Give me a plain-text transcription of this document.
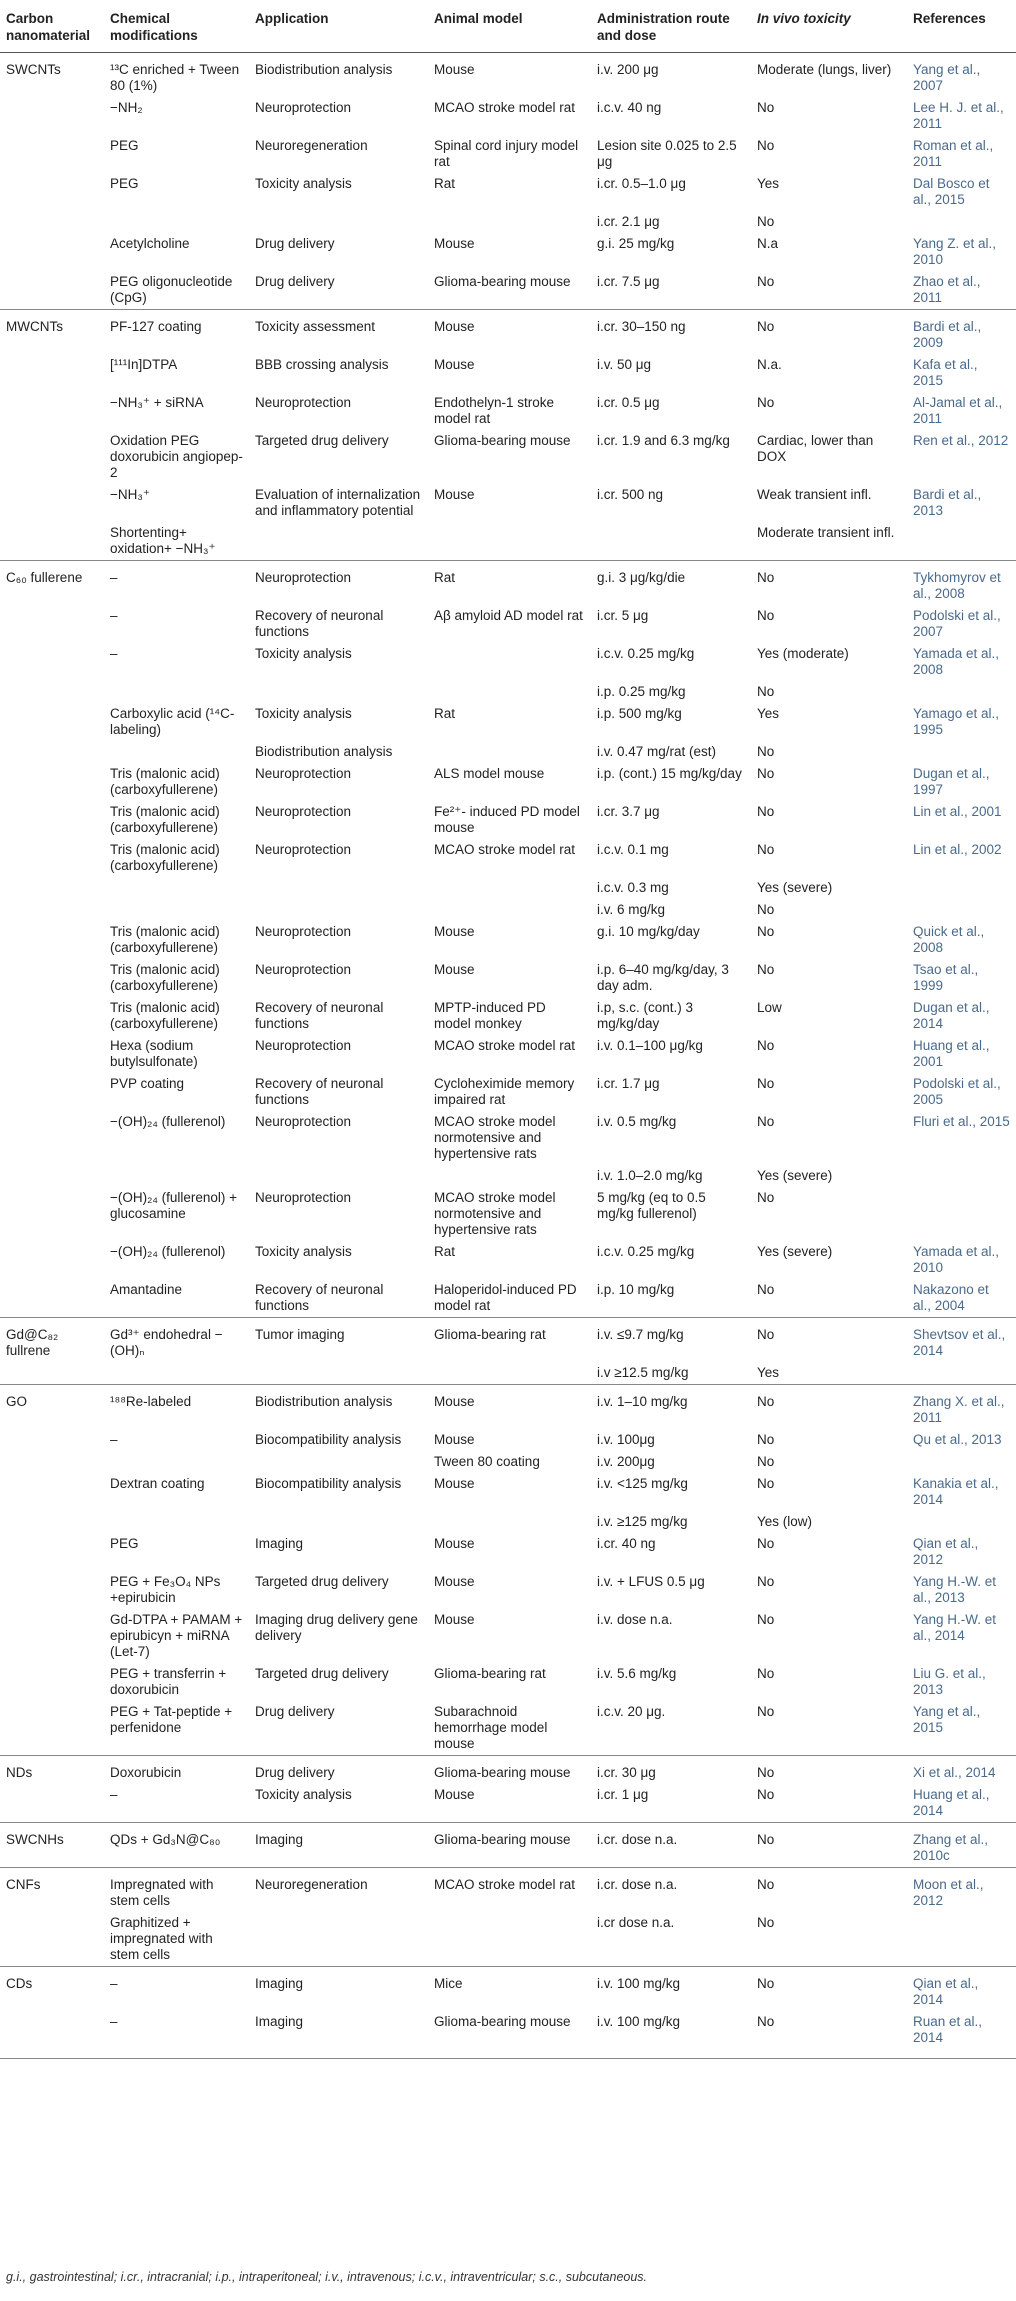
Carbon nanomaterial	Chemical modifications	Application	Animal model	Administration route and dose	In vivo toxicity	References
SWCNTs	¹³C enriched + Tween 80 (1%)	Biodistribution analysis	Mouse	i.v. 200 μg	Moderate (lungs, liver)	Yang et al., 2007
	−NH₂	Neuroprotection	MCAO stroke model rat	i.c.v. 40 ng	No	Lee H. J. et al., 2011
	PEG	Neuroregeneration	Spinal cord injury model rat	Lesion site 0.025 to 2.5 μg	No	Roman et al., 2011
	PEG	Toxicity analysis	Rat	i.cr. 0.5–1.0 μg	Yes	Dal Bosco et al., 2015
				i.cr. 2.1 μg	No	
	Acetylcholine	Drug delivery	Mouse	g.i. 25 mg/kg	N.a	Yang Z. et al., 2010
	PEG oligonucleotide (CpG)	Drug delivery	Glioma-bearing mouse	i.cr. 7.5 μg	No	Zhao et al., 2011
MWCNTs	PF-127 coating	Toxicity assessment	Mouse	i.cr. 30–150 ng	No	Bardi et al., 2009
	[¹¹¹In]DTPA	BBB crossing analysis	Mouse	i.v. 50 μg	N.a.	Kafa et al., 2015
	−NH₃⁺ + siRNA	Neuroprotection	Endothelyn-1 stroke model rat	i.cr. 0.5 μg	No	Al-Jamal et al., 2011
	Oxidation PEG doxorubicin angiopep-2	Targeted drug delivery	Glioma-bearing mouse	i.cr. 1.9 and 6.3 mg/kg	Cardiac, lower than DOX	Ren et al., 2012
	−NH₃⁺	Evaluation of internalization and inflammatory potential	Mouse	i.cr. 500 ng	Weak transient infl.	Bardi et al., 2013
	Shortenting+ oxidation+ −NH₃⁺				Moderate transient infl.	
C₆₀ fullerene	–	Neuroprotection	Rat	g.i. 3 μg/kg/die	No	Tykhomyrov et al., 2008
	–	Recovery of neuronal functions	Aβ amyloid AD model rat	i.cr. 5 μg	No	Podolski et al., 2007
	–	Toxicity analysis		i.c.v. 0.25 mg/kg	Yes (moderate)	Yamada et al., 2008
				i.p. 0.25 mg/kg	No	
	Carboxylic acid (¹⁴C-labeling)	Toxicity analysis	Rat	i.p. 500 mg/kg	Yes	Yamago et al., 1995
		Biodistribution analysis		i.v. 0.47 mg/rat (est)	No	
	Tris (malonic acid) (carboxyfullerene)	Neuroprotection	ALS model mouse	i.p. (cont.) 15 mg/kg/day	No	Dugan et al., 1997
	Tris (malonic acid) (carboxyfullerene)	Neuroprotection	Fe²⁺- induced PD model mouse	i.cr. 3.7 μg	No	Lin et al., 2001
	Tris (malonic acid) (carboxyfullerene)	Neuroprotection	MCAO stroke model rat	i.c.v. 0.1 mg	No	Lin et al., 2002
				i.c.v. 0.3 mg	Yes (severe)	
				i.v. 6 mg/kg	No	
	Tris (malonic acid) (carboxyfullerene)	Neuroprotection	Mouse	g.i. 10 mg/kg/day	No	Quick et al., 2008
	Tris (malonic acid) (carboxyfullerene)	Neuroprotection	Mouse	i.p. 6–40 mg/kg/day, 3 day adm.	No	Tsao et al., 1999
	Tris (malonic acid) (carboxyfullerene)	Recovery of neuronal functions	MPTP-induced PD model monkey	i.p, s.c. (cont.) 3 mg/kg/day	Low	Dugan et al., 2014
	Hexa (sodium butylsulfonate)	Neuroprotection	MCAO stroke model rat	i.v. 0.1–100 μg/kg	No	Huang et al., 2001
	PVP coating	Recovery of neuronal functions	Cycloheximide memory impaired rat	i.cr. 1.7 μg	No	Podolski et al., 2005
	−(OH)₂₄ (fullerenol)	Neuroprotection	MCAO stroke model normotensive and hypertensive rats	i.v. 0.5 mg/kg	No	Fluri et al., 2015
				i.v. 1.0–2.0 mg/kg	Yes (severe)	
	−(OH)₂₄ (fullerenol) + glucosamine	Neuroprotection	MCAO stroke model normotensive and hypertensive rats	5 mg/kg (eq to 0.5 mg/kg fullerenol)	No	
	−(OH)₂₄ (fullerenol)	Toxicity analysis	Rat	i.c.v. 0.25 mg/kg	Yes (severe)	Yamada et al., 2010
	Amantadine	Recovery of neuronal functions	Haloperidol-induced PD model rat	i.p. 10 mg/kg	No	Nakazono et al., 2004
Gd@C₈₂ fullrene	Gd³⁺ endohedral −(OH)ₙ	Tumor imaging	Glioma-bearing rat	i.v. ≤9.7 mg/kg	No	Shevtsov et al., 2014
				i.v ≥12.5 mg/kg	Yes	
GO	¹⁸⁸Re-labeled	Biodistribution analysis	Mouse	i.v. 1–10 mg/kg	No	Zhang X. et al., 2011
	–	Biocompatibility analysis	Mouse	i.v. 100μg	No	Qu et al., 2013
			Tween 80 coating	i.v. 200μg	No	
	Dextran coating	Biocompatibility analysis	Mouse	i.v. <125 mg/kg	No	Kanakia et al., 2014
				i.v. ≥125 mg/kg	Yes (low)	
	PEG	Imaging	Mouse	i.cr. 40 ng	No	Qian et al., 2012
	PEG + Fe₃O₄ NPs +epirubicin	Targeted drug delivery	Mouse	i.v. + LFUS 0.5 μg	No	Yang H.-W. et al., 2013
	Gd-DTPA + PAMAM + epirubicyn + miRNA (Let-7)	Imaging drug delivery gene delivery	Mouse	i.v. dose n.a.	No	Yang H.-W. et al., 2014
	PEG + transferrin + doxorubicin	Targeted drug delivery	Glioma-bearing rat	i.v. 5.6 mg/kg	No	Liu G. et al., 2013
	PEG + Tat-peptide + perfenidone	Drug delivery	Subarachnoid hemorrhage model mouse	i.c.v. 20 μg.	No	Yang et al., 2015
NDs	Doxorubicin	Drug delivery	Glioma-bearing mouse	i.cr. 30 μg	No	Xi et al., 2014
	–	Toxicity analysis	Mouse	i.cr. 1 μg	No	Huang et al., 2014
SWCNHs	QDs + Gd₃N@C₈₀	Imaging	Glioma-bearing mouse	i.cr. dose n.a.	No	Zhang et al., 2010c
CNFs	Impregnated with stem cells	Neuroregeneration	MCAO stroke model rat	i.cr. dose n.a.	No	Moon et al., 2012
	Graphitized + impregnated with stem cells			i.cr dose n.a.	No	
CDs	–	Imaging	Mice	i.v. 100 mg/kg	No	Qian et al., 2014
	–	Imaging	Glioma-bearing mouse	i.v. 100 mg/kg	No	Ruan et al., 2014
g.i., gastrointestinal; i.cr., intracranial; i.p., intraperitoneal; i.v., intravenous; i.c.v., intraventricular; s.c., subcutaneous.
